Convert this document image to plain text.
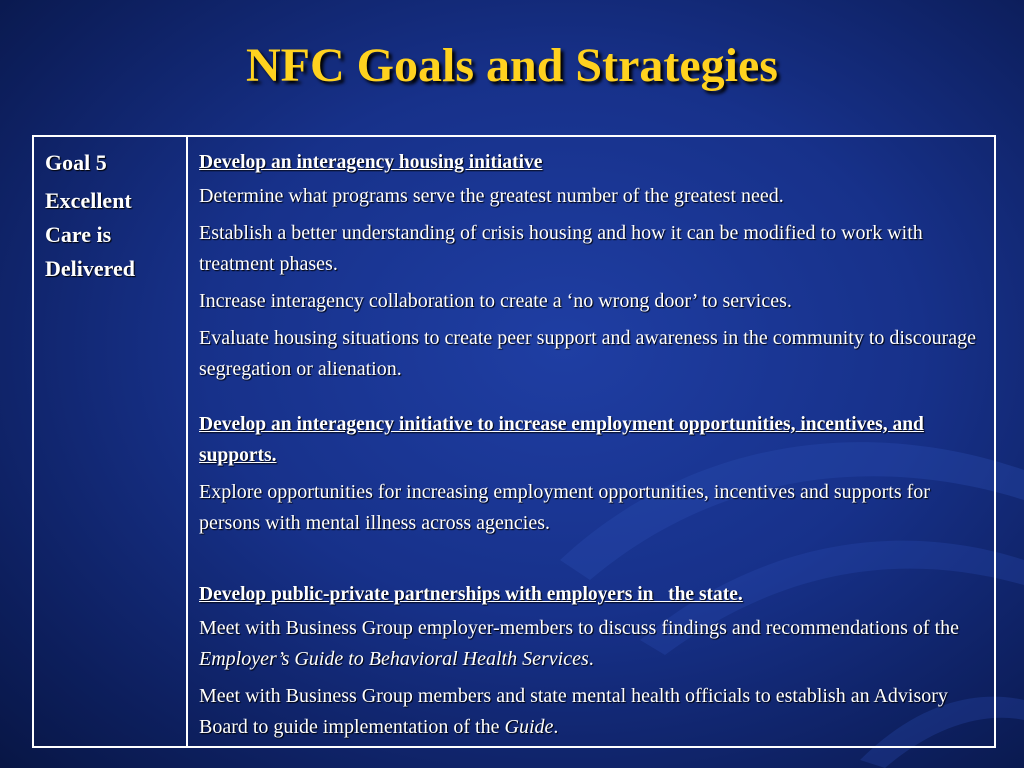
NFC Goals and Strategies
Goal 5
Excellent Care is Delivered
Develop an interagency housing initiative
Determine what programs serve the greatest number of the greatest need.
Establish a better understanding of crisis housing and how it can be modified to work with treatment phases.
Increase interagency collaboration to create a ‘no wrong door’ to services.
Evaluate housing situations to create peer support and awareness in the community to discourage segregation or alienation.
Develop an interagency initiative to increase employment opportunities, incentives, and supports.
Explore opportunities for increasing employment opportunities, incentives and supports for persons with mental illness across agencies.
Develop public-private partnerships with employers in   the state.
Meet with Business Group employer-members to discuss findings and recommendations of the Employer’s Guide to Behavioral Health Services.
Meet with Business Group members and state mental health officials to establish an Advisory Board to guide implementation of the Guide.
